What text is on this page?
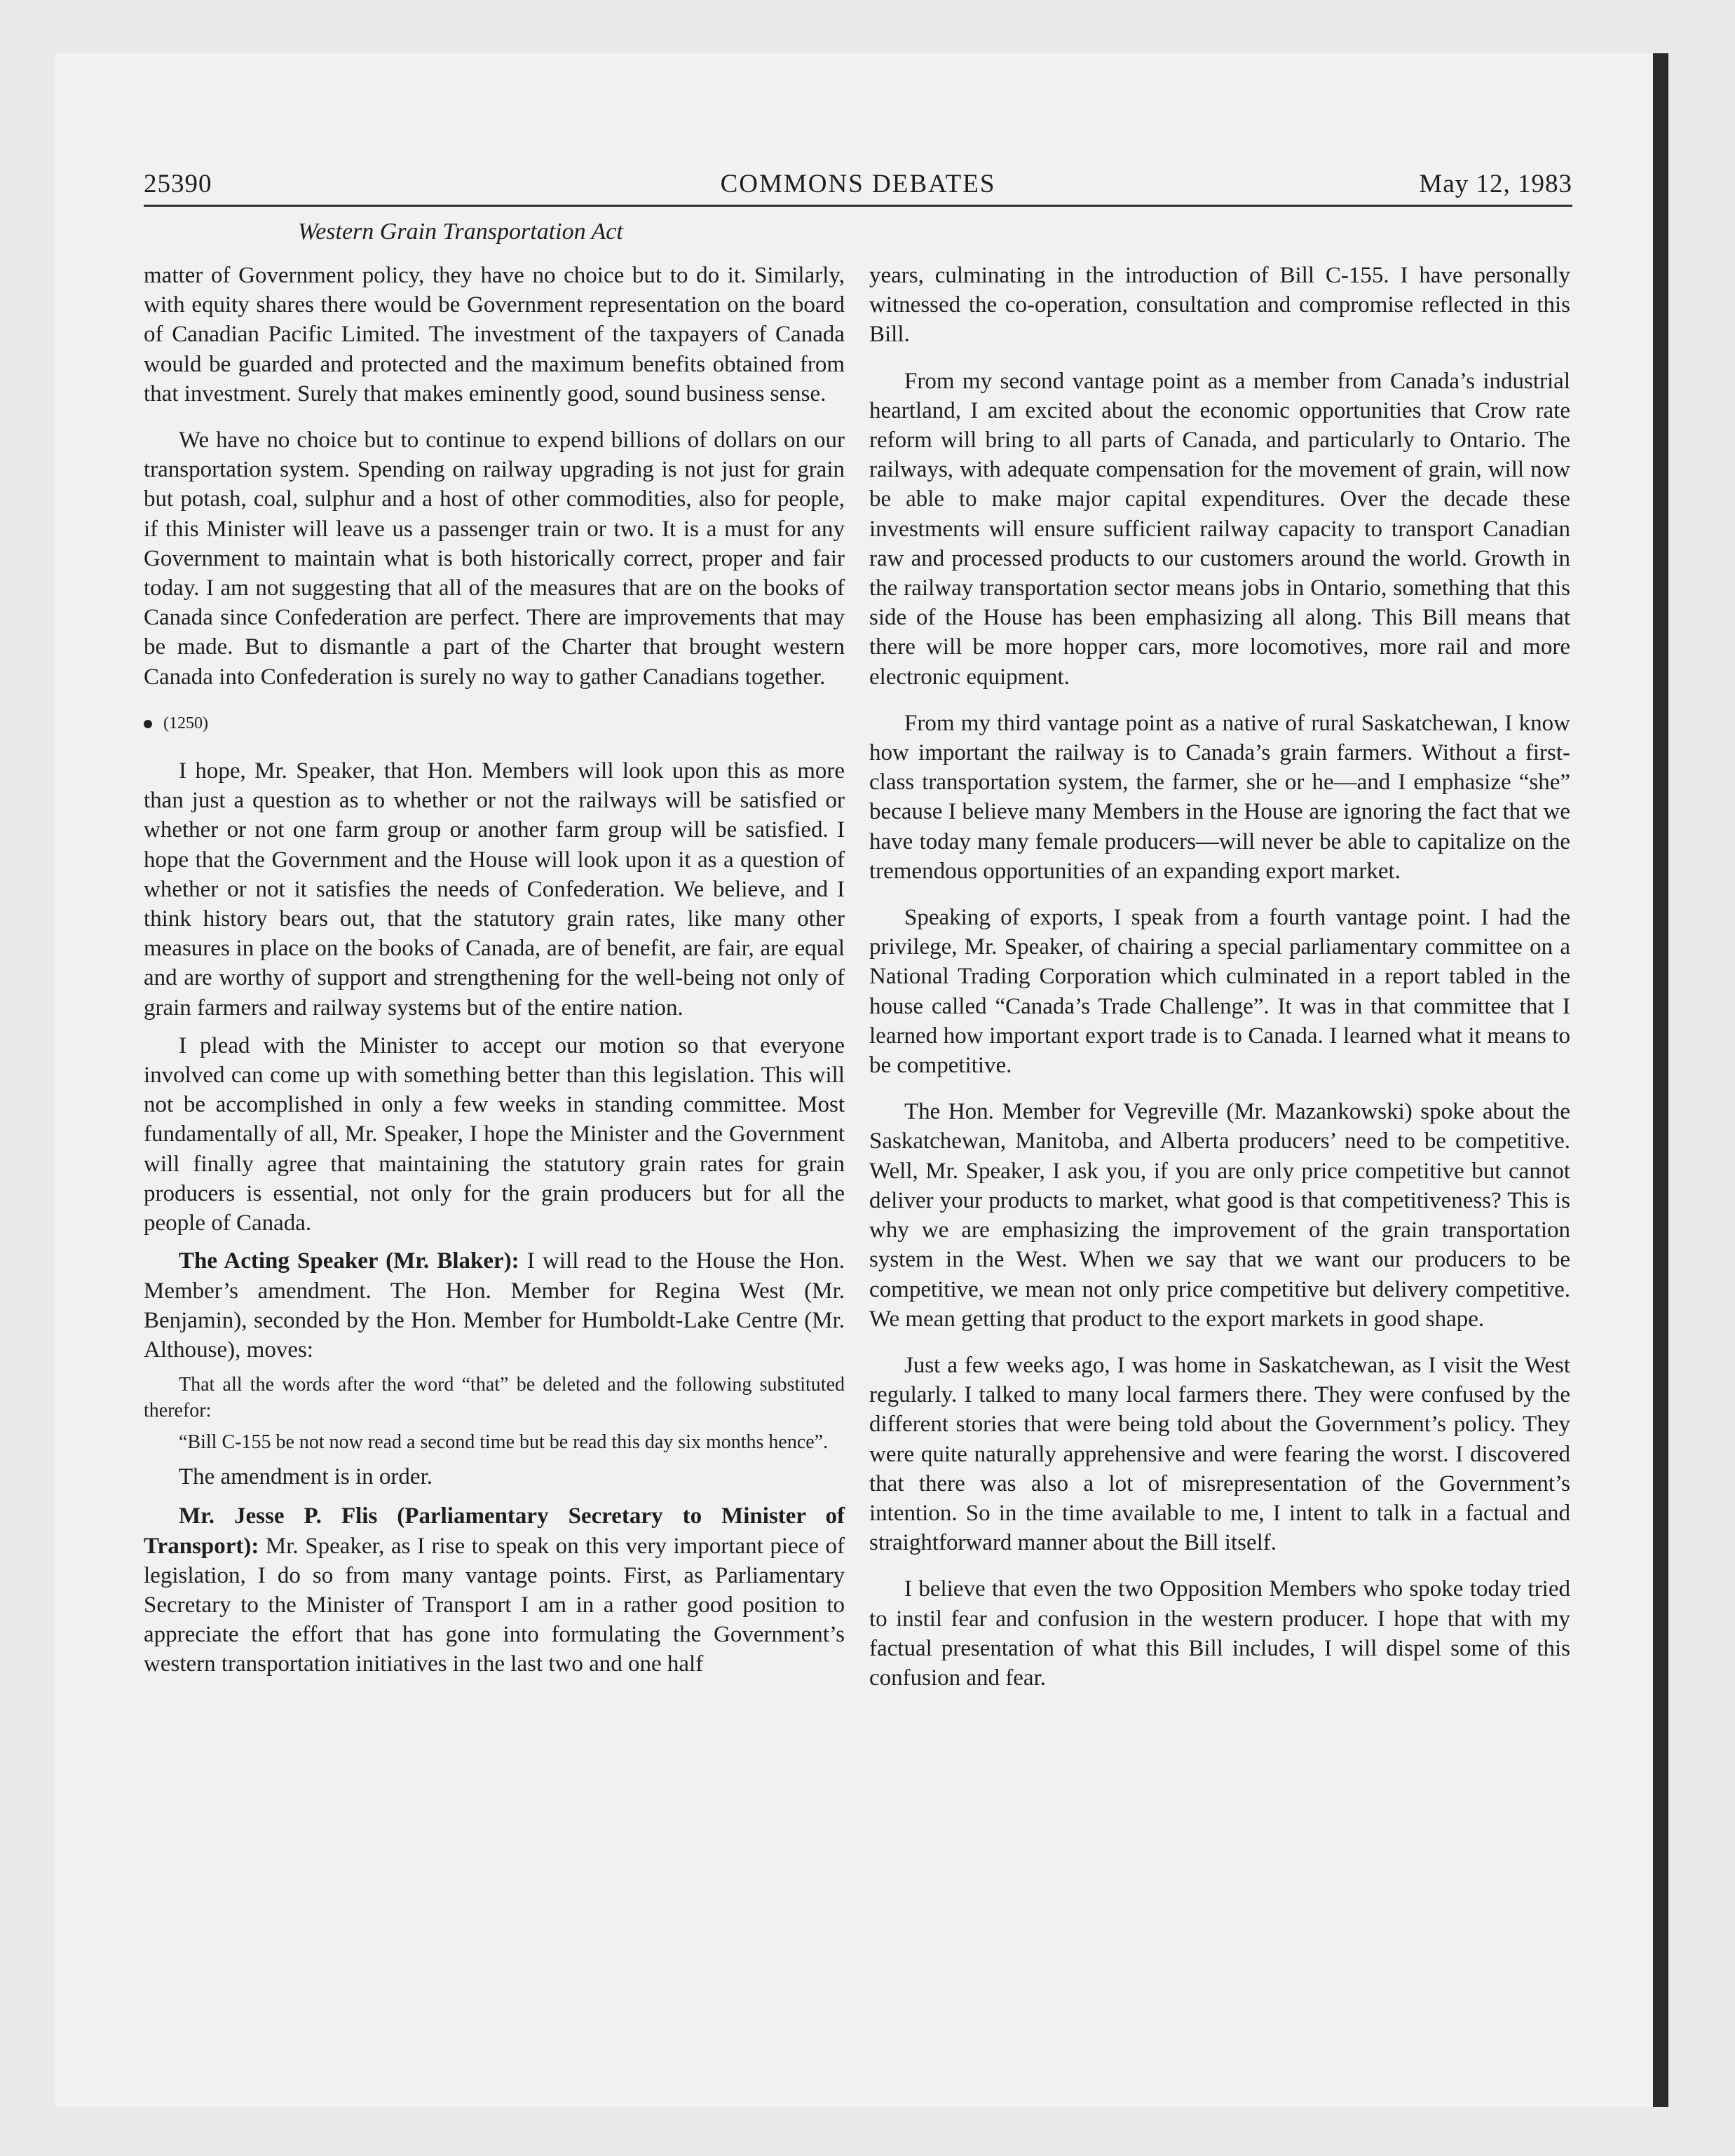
25390	COMMONS DEBATES	May 12, 1983
Western Grain Transportation Act

matter of Government policy, they have no choice but to do it. Similarly, with equity shares there would be Government representation on the board of Canadian Pacific Limited. The investment of the taxpayers of Canada would be guarded and protected and the maximum benefits obtained from that investment. Surely that makes eminently good, sound business sense.

We have no choice but to continue to expend billions of dollars on our transportation system. Spending on railway upgrading is not just for grain but potash, coal, sulphur and a host of other commodities, also for people, if this Minister will leave us a passenger train or two. It is a must for any Government to maintain what is both historically correct, proper and fair today. I am not suggesting that all of the measures that are on the books of Canada since Confederation are perfect. There are improvements that may be made. But to dismantle a part of the Charter that brought western Canada into Confederation is surely no way to gather Canadians together.

(1250)

I hope, Mr. Speaker, that Hon. Members will look upon this as more than just a question as to whether or not the railways will be satisfied or whether or not one farm group or another farm group will be satisfied. I hope that the Government and the House will look upon it as a question of whether or not it satisfies the needs of Confederation. We believe, and I think history bears out, that the statutory grain rates, like many other measures in place on the books of Canada, are of benefit, are fair, are equal and are worthy of support and strengthening for the well-being not only of grain farmers and railway systems but of the entire nation.

I plead with the Minister to accept our motion so that everyone involved can come up with something better than this legislation. This will not be accomplished in only a few weeks in standing committee. Most fundamentally of all, Mr. Speaker, I hope the Minister and the Government will finally agree that maintaining the statutory grain rates for grain producers is essential, not only for the grain producers but for all the people of Canada.

The Acting Speaker (Mr. Blaker): I will read to the House the Hon. Member’s amendment. The Hon. Member for Regina West (Mr. Benjamin), seconded by the Hon. Member for Humboldt-Lake Centre (Mr. Althouse), moves:

That all the words after the word “that” be deleted and the following substituted therefor:

“Bill C-155 be not now read a second time but be read this day six months hence”.

The amendment is in order.

Mr. Jesse P. Flis (Parliamentary Secretary to Minister of Transport): Mr. Speaker, as I rise to speak on this very important piece of legislation, I do so from many vantage points. First, as Parliamentary Secretary to the Minister of Transport I am in a rather good position to appreciate the effort that has gone into formulating the Government’s western transportation initiatives in the last two and one half

years, culminating in the introduction of Bill C-155. I have personally witnessed the co-operation, consultation and compromise reflected in this Bill.

From my second vantage point as a member from Canada’s industrial heartland, I am excited about the economic opportunities that Crow rate reform will bring to all parts of Canada, and particularly to Ontario. The railways, with adequate compensation for the movement of grain, will now be able to make major capital expenditures. Over the decade these investments will ensure sufficient railway capacity to transport Canadian raw and processed products to our customers around the world. Growth in the railway transportation sector means jobs in Ontario, something that this side of the House has been emphasizing all along. This Bill means that there will be more hopper cars, more locomotives, more rail and more electronic equipment.

From my third vantage point as a native of rural Saskatchewan, I know how important the railway is to Canada’s grain farmers. Without a first-class transportation system, the farmer, she or he—and I emphasize “she” because I believe many Members in the House are ignoring the fact that we have today many female producers—will never be able to capitalize on the tremendous opportunities of an expanding export market.

Speaking of exports, I speak from a fourth vantage point. I had the privilege, Mr. Speaker, of chairing a special parliamentary committee on a National Trading Corporation which culminated in a report tabled in the house called “Canada’s Trade Challenge”. It was in that committee that I learned how important export trade is to Canada. I learned what it means to be competitive.

The Hon. Member for Vegreville (Mr. Mazankowski) spoke about the Saskatchewan, Manitoba, and Alberta producers’ need to be competitive. Well, Mr. Speaker, I ask you, if you are only price competitive but cannot deliver your products to market, what good is that competitiveness? This is why we are emphasizing the improvement of the grain transportation system in the West. When we say that we want our producers to be competitive, we mean not only price competitive but delivery competitive. We mean getting that product to the export markets in good shape.

Just a few weeks ago, I was home in Saskatchewan, as I visit the West regularly. I talked to many local farmers there. They were confused by the different stories that were being told about the Government’s policy. They were quite naturally apprehensive and were fearing the worst. I discovered that there was also a lot of misrepresentation of the Government’s intention. So in the time available to me, I intent to talk in a factual and straightforward manner about the Bill itself.

I believe that even the two Opposition Members who spoke today tried to instil fear and confusion in the western producer. I hope that with my factual presentation of what this Bill includes, I will dispel some of this confusion and fear.
